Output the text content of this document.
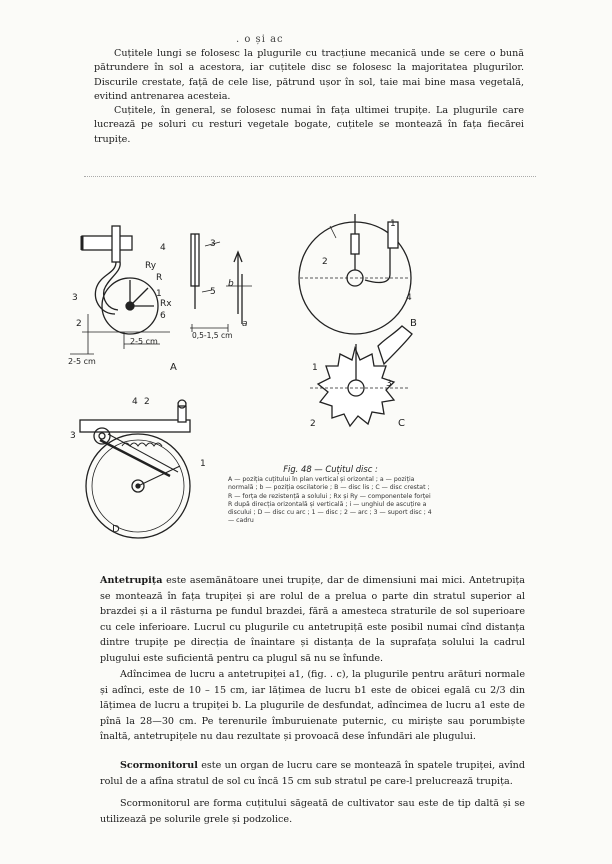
. o și ac

Cuțitele lungi se folosesc la plugurile cu tracțiune mecanică unde se cere o bună pătrundere în sol a acestora, iar cuțitele disc se folosesc la majoritatea plugurilor. Discurile crestate, față de cele lise, pătrund ușor în sol, taie mai bine masa vegetală, evitind antrenarea acesteia.

Cuțitele, în general, se folosesc numai în fața ultimei trupițe. La plugurile care lucrează pe soluri cu resturi vegetale bogate, cuțitele se montează în fața fiecărei trupițe.

4
Ry
R
1
Rx
6
3
2
2-5 cm
2-5 cm
A
3
5
0,5-1,5 cm
b
a
4
B
2
1
1
3
2	C
4 2
3
1
D
Fig. 48 — Cuțitul disc :
A — poziția cuțitului în plan vertical și orizontal ; a — poziția normală ; b — poziția oscilatorie ; B — disc lis ; C — disc crestat ; R — forța de rezistență a solului ; Rx și Ry — componentele forței R după direcția orizontală și verticală ; i — unghiul de ascuțire a discului ; D — disc cu arc ; 1 — disc ; 2 — arc ; 3 — suport disc ; 4 — cadru

Antetrupița este asemănătoare unei trupițe, dar de dimensiuni mai mici. Antetrupița se montează în fața trupiței și are rolul de a prelua o parte din stratul superior al brazdei și a il răsturna pe fundul brazdei, fără a amesteca straturile de sol superioare cu cele inferioare. Lucrul cu plugurile cu antetrupiță este posibil numai cînd distanța dintre trupițe pe direcția de înaintare și distanța de la suprafața solului la cadrul plugului este suficientă pentru ca plugul să nu se înfunde.

Adîncimea de lucru a antetrupiței a1, (fig. . c), la plugurile pentru arături normale și adînci, este de 10 – 15 cm, iar lățimea de lucru b1 este de obicei egală cu 2/3 din lățimea de lucru a trupiței b. La plugurile de desfundat, adîncimea de lucru a1 este de pînă la 28—30 cm. Pe terenurile îmburuienate puternic, cu miriște sau porumbiște înaltă, antetrupițele nu dau rezultate și provoacă dese înfundări ale plugului.

Scormonitorul este un organ de lucru care se montează în spatele trupiței, avînd rolul de a afîna stratul de sol cu încă 15 cm sub stratul pe care-l prelucrează trupița.

Scormonitorul are forma cuțitului săgeată de cultivator sau este de tip daltă și se utilizează pe solurile grele și podzolice.
